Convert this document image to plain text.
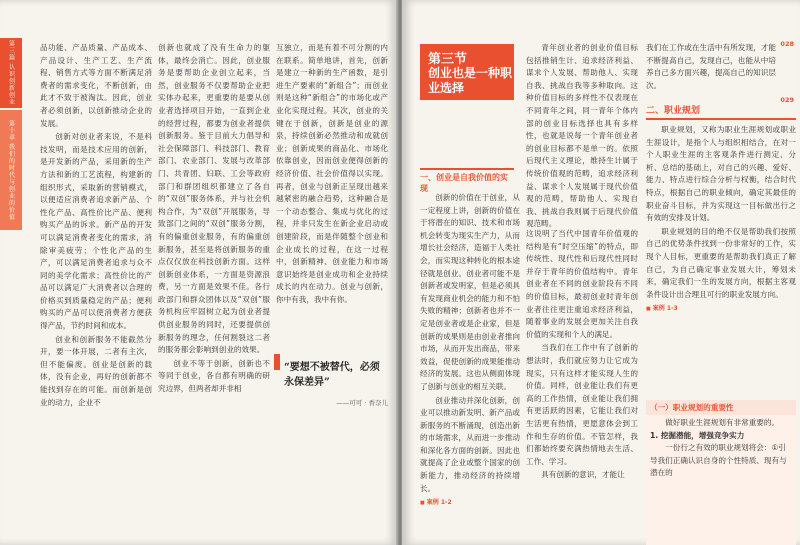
第三篇 认识创新创业
第十章 我们的时代与创业的价值

品功能、产品质量、产品成本、产品设计、生产工艺、生产流程、销售方式等方面不断满足消费者的需求变化，不断创新，由此才不致于被淘汰。因此，创业者必须创新，以创新推动企业的发展。

创新对创业者来说，不是科技发明，而是技术应用的创新，是开发新的产品，采用新的生产方法和新的工艺流程，构建新的组织形式，采取新的营销模式，以便适应消费者追求新产品、个性化产品、高性价比产品、便利购买产品的诉求。新产品的开发可以满足消费者变化的需求，消除审美疲劳；个性化产品的生产，可以满足消费者追求与众不同的美学化需求；高性价比的产品可以满足广大消费者以合理的价格买到质量稳定的产品；便利购买的产品可以使消费者方便获得产品，节约时间和成本。

创业和创新服务不能截然分开，要一体开展，二者有主次，但不能偏废。创业是创新的载体，没有企业，再好的创新都不能找到存在的可能。而创新是创业的动力，企业不

创新也就成了没有生命力的躯体，最终会消亡。因此，创业服务是要帮助企业创立起来，当然，创业服务不仅要帮助企业把实体办起来，更重要的是要从创业者选择项目开始，一直到企业的经营过程，都要为创业者提供创新服务。鉴于目前大力倡导和社会保障部门、科技部门、教育部门、农业部门、发展与改革部门、共青团、妇联、工会等政府部门和群团组织都建立了各自的“双创”服务体系，并与社会机构合作，为“双创”开展服务，导致部门之间的“双创”服务分割，有的偏重创业服务，有的偏重创新服务，甚至是将创新服务的重点仅仅放在科技创新方面。这样创新创业体系，一方面是资源浪费，另一方面是效果不佳。各行政部门和群众团体以及“双创”服务机构应牢固树立起为创业者提供创业服务的同时，还要提供创新服务的理念，任何割裂这二者的服务都会影响到创业的效果。

创业不等于创新，创新也不等同于创业，各自都有明确的研究边界，但两者却并非相

互独立，而是有着不可分割的内在联系。简单地讲，首先，创新是建立一种新的生产函数，是引进生产要素的“新组合”；而创业则是这种“新组合”的市场化或产业化实现过程。其次，创业的关键在于创新，创新是创业的源泉，持续创新必然推动和成就创业；创新成果的商品化、市场化依靠创业，因而创业便得创新的经济价值、社会价值得以实现。再者，创业与创新正呈现出越来越紧密的融合趋势，这种融合是一个动态整合、集成与优化的过程，并非只发生在新企业启动或创建阶段，而是伴随整个创业和企业成长的过程，在这一过程中，创新精神、创业能力和市场意识始终是创业成功和企业持续成长的内在动力。创业与创新，你中有我，我中有你。

“要想不被替代，必须永保差异”
——可可 · 香奈儿
第三节
创业也是一种职业选择

青年创业者的创业价值目标包括推销生计、追求经济利益、谋求个人发展、帮助他人、实现自我、挑战自我等多种取向。这种价值目标的多样性不仅表现在不同青年之间，同一青年个体内部的创业目标选择也具有多样性，也就是说每一个青年创业者的创业目标都不是单一的。依照后现代主义理论，维持生计属于传统价值观的范畴，追求经济利益、谋求个人发展属于现代价值观的范畴，帮助他人、实现自我、挑战自我则属于后现代价值观范畴。

一、创业是自我价值的实现

创新的价值在于创业，从一定程度上讲，创新的价值在于将潜在的知识、技术和市场机会转变为现实生产力，从而增长社会经济，造福于人类社会，而实现这种转化的根本途径就是创业。创业者可能不是创新者或发明家，但是必须具有发现商业机会的能力和不怕失败的精神；创新者也并不一定是创业者或是企业家，但是创新的成果则是由创业者推向市场，从而开发出商品，带来效益，促使创新的成果能推动经济的发展。这也从侧面体现了创新与创业的相互关联。

创业推动并深化创新，创业可以推动新发明、新产品或新服务的不断涌现，创造出新的市场需求，从而进一步推动和深化各方面的创新。因此也就提高了企业或整个国家的创新能力，推动经济的持续增长。

■ 案例 1-2

这说明了当代中国青年价值观的结构是有“时空压缩”的特点，即传统性、现代性和后现代性同时并存于青年的价值结构中。青年创业者在不同的创业阶段有不同的价值目标，最初创业时青年创业者往往更注重追求经济利益，随着事业的发展会更加关注自我价值的实现和个人的满足。

当我们在工作中有了创新的想法时，我们就应努力让它成为现实，只有这样才能实现人生的价值。同样，创业能让我们有更高的工作热情，创业能让我们拥有更活跃的因素，它能让我们对生活更有热情，更愿意体会到工作和生存的价值。不管怎样，我们都始终要充满热情地去生活、工作、学习。

具有创新的意识，才能让

我们在工作或在生活中有所发现，才能不断提高自己，发现自己，也能从中培养自己多方面兴趣，提高自己的知识层次。

二、职业规划

职业规划，又称为职业生涯规划或职业生涯设计，是指个人与组织相结合，在对一个人职业生涯的主客观条件进行测定、分析、总结的基础上，对自己的兴趣、爱好、能力、特点进行综合分析与权衡，结合时代特点，根据自己的职业倾向，确定其最佳的职业奋斗目标，并为实现这一目标做出行之有效的安排及计划。

职业规划的目的绝不仅是帮助我们按照自己的优势条件找到一份非常好的工作，实现个人目标，更重要的是帮助我们真正了解自己，为自己确定事业发展大计，筹划未来，确定我们一生的发展方向，根据主客观条件设计出合理且可行的职业发展方向。

■ 案例 1-3
（一）职业规划的重要性

做好职业生涯规划有非常重要的。

1. 挖掘潜能，增强竞争实力

一份行之有效的职业规划将会：①引导我们正确认识自身的个性特质、现有与潜在的

028
029
